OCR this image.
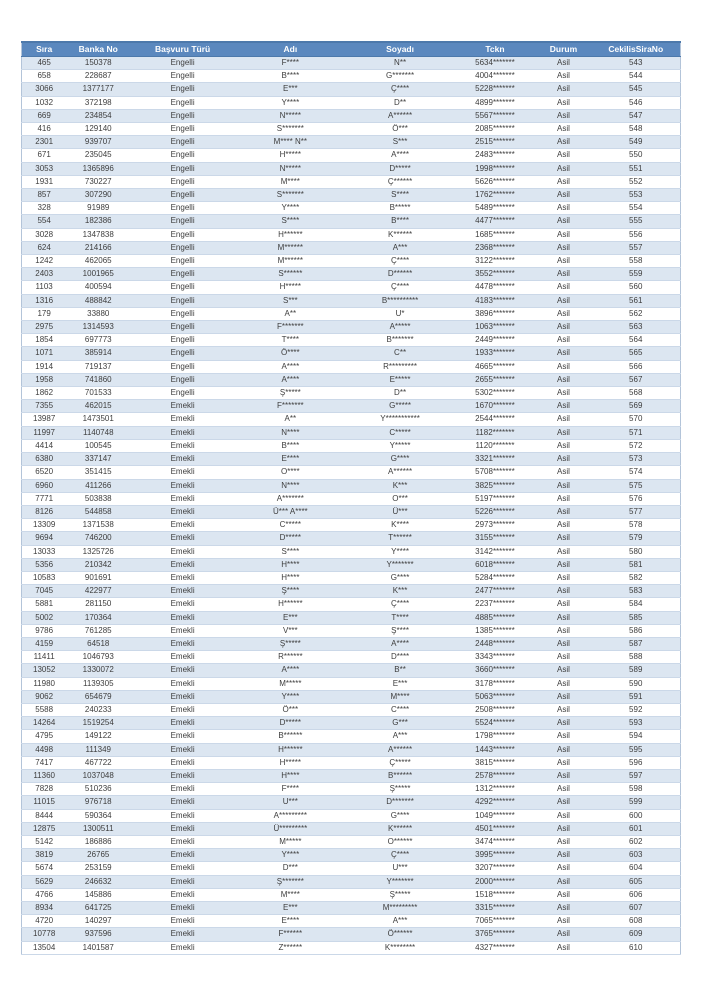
Sıra	Banka No	Başvuru Türü	Adı	Soyadı	Tckn	Durum	CekilisSiraNo
465	150378	Engelli	F****	N**	5634*******	Asil	543
658	228687	Engelli	B****	G*******	4004*******	Asil	544
3066	1377177	Engelli	E***	Ç****	5228*******	Asil	545
1032	372198	Engelli	Y****	D**	4899*******	Asil	546
669	234854	Engelli	N*****	A******	5567*******	Asil	547
416	129140	Engelli	S*******	Ö***	2085*******	Asil	548
2301	939707	Engelli	M**** N**	S***	2515*******	Asil	549
671	235045	Engelli	H*****	A****	2483*******	Asil	550
3053	1365896	Engelli	N*****	D*****	1998*******	Asil	551
1931	730227	Engelli	M****	Ç******	5626*******	Asil	552
857	307290	Engelli	S*******	S****	1762*******	Asil	553
328	91989	Engelli	Y****	B*****	5489*******	Asil	554
554	182386	Engelli	S****	B****	4477*******	Asil	555
3028	1347838	Engelli	H******	K******	1685*******	Asil	556
624	214166	Engelli	M******	A***	2368*******	Asil	557
1242	462065	Engelli	M******	Ç****	3122*******	Asil	558
2403	1001965	Engelli	S******	D******	3552*******	Asil	559
1103	400594	Engelli	H*****	Ç****	4478*******	Asil	560
1316	488842	Engelli	S***	B**********	4183*******	Asil	561
179	33880	Engelli	A**	U*	3896*******	Asil	562
2975	1314593	Engelli	F*******	A*****	1063*******	Asil	563
1854	697773	Engelli	T****	B*******	2449*******	Asil	564
1071	385914	Engelli	Ö****	C**	1933*******	Asil	565
1914	719137	Engelli	A****	R*********	4665*******	Asil	566
1958	741860	Engelli	A****	E*****	2655*******	Asil	567
1862	701533	Engelli	Ş*****	D**	5302*******	Asil	568
7355	462015	Emekli	F*******	G*****	1670*******	Asil	569
13987	1473501	Emekli	A**	Y***********	2544*******	Asil	570
11997	1140748	Emekli	N****	C*****	1182*******	Asil	571
4414	100545	Emekli	B****	Y*****	1120*******	Asil	572
6380	337147	Emekli	E****	G****	3321*******	Asil	573
6520	351415	Emekli	O****	A******	5708*******	Asil	574
6960	411266	Emekli	N****	K***	3825*******	Asil	575
7771	503838	Emekli	A*******	O***	5197*******	Asil	576
8126	544858	Emekli	Ü*** A****	Ü***	5226*******	Asil	577
13309	1371538	Emekli	C*****	K****	2973*******	Asil	578
9694	746200	Emekli	D*****	T******	3155*******	Asil	579
13033	1325726	Emekli	S****	Y****	3142*******	Asil	580
5356	210342	Emekli	H****	Y*******	6018*******	Asil	581
10583	901691	Emekli	H****	G****	5284*******	Asil	582
7045	422977	Emekli	Ş****	K***	2477*******	Asil	583
5881	281150	Emekli	H******	Ç****	2237*******	Asil	584
5002	170364	Emekli	E***	T****	4885*******	Asil	585
9786	761285	Emekli	V***	Ş****	1385*******	Asil	586
4159	64518	Emekli	Ş*****	A****	2448*******	Asil	587
11411	1046793	Emekli	R******	D****	3343*******	Asil	588
13052	1330072	Emekli	A****	B**	3660*******	Asil	589
11980	1139305	Emekli	M*****	E***	3178*******	Asil	590
9062	654679	Emekli	Y****	M****	5063*******	Asil	591
5588	240233	Emekli	Ö***	C****	2508*******	Asil	592
14264	1519254	Emekli	D*****	G***	5524*******	Asil	593
4795	149122	Emekli	B******	A***	1798*******	Asil	594
4498	111349	Emekli	H******	A******	1443*******	Asil	595
7417	467722	Emekli	H*****	Ç*****	3815*******	Asil	596
11360	1037048	Emekli	H****	B******	2578*******	Asil	597
7828	510236	Emekli	F****	Ş*****	1312*******	Asil	598
11015	976718	Emekli	U***	D*******	4292*******	Asil	599
8444	590364	Emekli	A*********	G****	1049*******	Asil	600
12875	1300511	Emekli	Ü*********	K******	4501*******	Asil	601
5142	186886	Emekli	M*****	O******	3474*******	Asil	602
3819	26765	Emekli	Y****	Ç****	3995*******	Asil	603
5674	253159	Emekli	D***	U***	3207*******	Asil	604
5629	246632	Emekli	Ş*******	Y*******	2000*******	Asil	605
4766	145886	Emekli	M****	Ş*****	1518*******	Asil	606
8934	641725	Emekli	E***	M*********	3315*******	Asil	607
4720	140297	Emekli	E****	A***	7065*******	Asil	608
10778	937596	Emekli	F******	Ö******	3765*******	Asil	609
13504	1401587	Emekli	Z******	K********	4327*******	Asil	610
